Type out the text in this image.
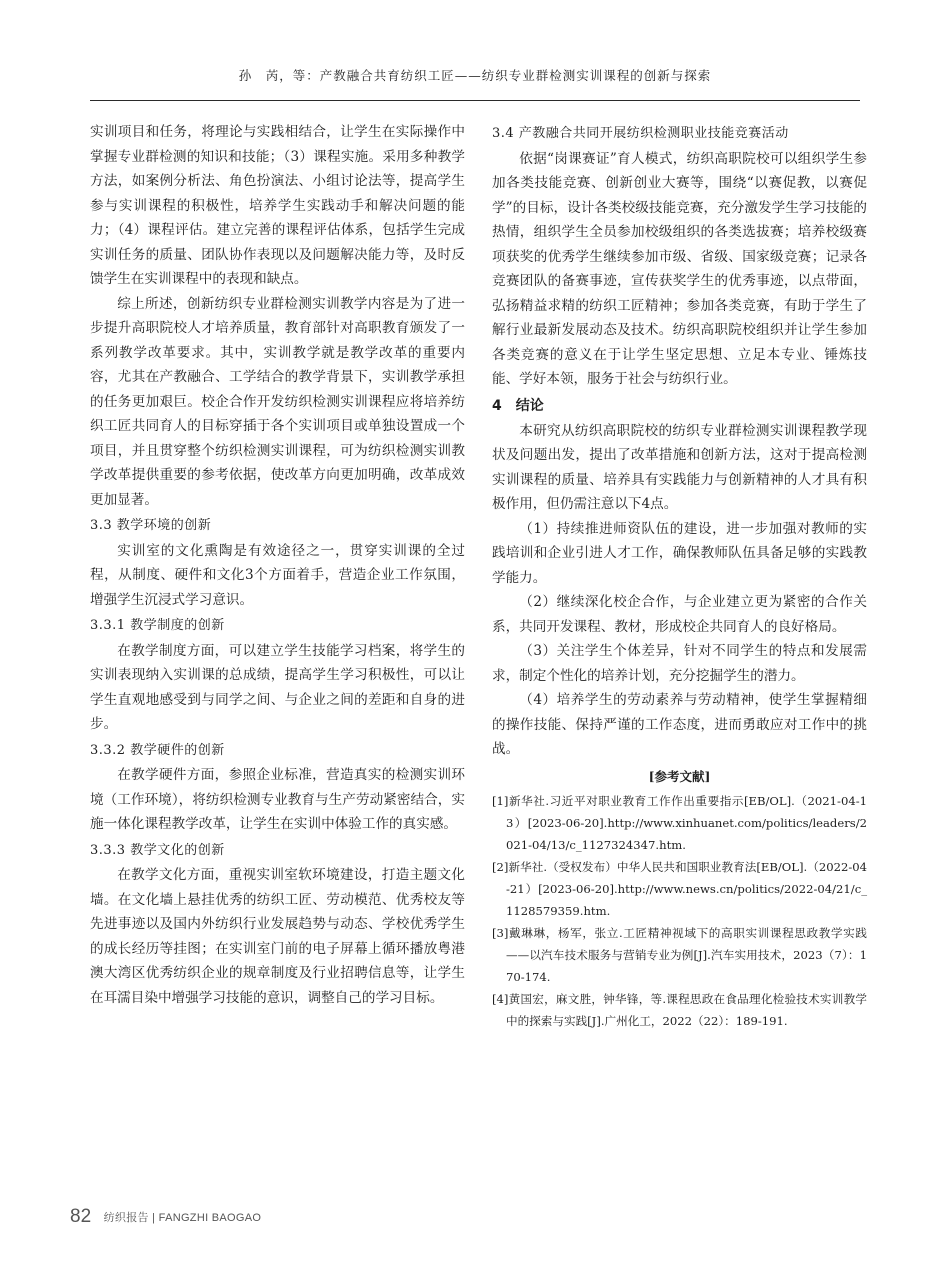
孙　芮，等：产教融合共育纺织工匠——纺织专业群检测实训课程的创新与探索

实训项目和任务，将理论与实践相结合，让学生在实际操作中掌握专业群检测的知识和技能；（3）课程实施。采用多种教学方法，如案例分析法、角色扮演法、小组讨论法等，提高学生参与实训课程的积极性，培养学生实践动手和解决问题的能力；（4）课程评估。建立完善的课程评估体系，包括学生完成实训任务的质量、团队协作表现以及问题解决能力等，及时反馈学生在实训课程中的表现和缺点。

综上所述，创新纺织专业群检测实训教学内容是为了进一步提升高职院校人才培养质量，教育部针对高职教育颁发了一系列教学改革要求。其中，实训教学就是教学改革的重要内容，尤其在产教融合、工学结合的教学背景下，实训教学承担的任务更加艰巨。校企合作开发纺织检测实训课程应将培养纺织工匠共同育人的目标穿插于各个实训项目或单独设置成一个项目，并且贯穿整个纺织检测实训课程，可为纺织检测实训教学改革提供重要的参考依据，使改革方向更加明确，改革成效更加显著。

3.3 教学环境的创新

实训室的文化熏陶是有效途径之一，贯穿实训课的全过程，从制度、硬件和文化3个方面着手，营造企业工作氛围，增强学生沉浸式学习意识。

3.3.1 教学制度的创新

在教学制度方面，可以建立学生技能学习档案，将学生的实训表现纳入实训课的总成绩，提高学生学习积极性，可以让学生直观地感受到与同学之间、与企业之间的差距和自身的进步。

3.3.2 教学硬件的创新

在教学硬件方面，参照企业标准，营造真实的检测实训环境（工作环境），将纺织检测专业教育与生产劳动紧密结合，实施一体化课程教学改革，让学生在实训中体验工作的真实感。

3.3.3 教学文化的创新

在教学文化方面，重视实训室软环境建设，打造主题文化墙。在文化墙上悬挂优秀的纺织工匠、劳动模范、优秀校友等先进事迹以及国内外纺织行业发展趋势与动态、学校优秀学生的成长经历等挂图；在实训室门前的电子屏幕上循环播放粤港澳大湾区优秀纺织企业的规章制度及行业招聘信息等，让学生在耳濡目染中增强学习技能的意识，调整自己的学习目标。

3.4 产教融合共同开展纺织检测职业技能竞赛活动

依据“岗课赛证”育人模式，纺织高职院校可以组织学生参加各类技能竞赛、创新创业大赛等，围绕“以赛促教，以赛促学”的目标，设计各类校级技能竞赛，充分激发学生学习技能的热情，组织学生全员参加校级组织的各类选拔赛；培养校级赛项获奖的优秀学生继续参加市级、省级、国家级竞赛；记录各竞赛团队的备赛事迹，宣传获奖学生的优秀事迹，以点带面，弘扬精益求精的纺织工匠精神；参加各类竞赛，有助于学生了解行业最新发展动态及技术。纺织高职院校组织并让学生参加各类竞赛的意义在于让学生坚定思想、立足本专业、锤炼技能、学好本领，服务于社会与纺织行业。

4　结论

本研究从纺织高职院校的纺织专业群检测实训课程教学现状及问题出发，提出了改革措施和创新方法，这对于提高检测实训课程的质量、培养具有实践能力与创新精神的人才具有积极作用，但仍需注意以下4点。

（1）持续推进师资队伍的建设，进一步加强对教师的实践培训和企业引进人才工作，确保教师队伍具备足够的实践教学能力。

（2）继续深化校企合作，与企业建立更为紧密的合作关系，共同开发课程、教材，形成校企共同育人的良好格局。

（3）关注学生个体差异，针对不同学生的特点和发展需求，制定个性化的培养计划，充分挖掘学生的潜力。

（4）培养学生的劳动素养与劳动精神，使学生掌握精细的操作技能、保持严谨的工作态度，进而勇敢应对工作中的挑战。

[参考文献]

[1]新华社.习近平对职业教育工作作出重要指示[EB/OL].（2021-04-13）[2023-06-20].http://www.xinhuanet.com/politics/leaders/2021-04/13/c_1127324347.htm.

[2]新华社.（受权发布）中华人民共和国职业教育法[EB/OL].（2022-04-21）[2023-06-20].http://www.news.cn/politics/2022-04/21/c_1128579359.htm.

[3]戴琳琳，杨军，张立.工匠精神视域下的高职实训课程思政教学实践——以汽车技术服务与营销专业为例[J].汽车实用技术，2023（7）：170-174.

[4]黄国宏，麻文胜，钟华锋，等.课程思政在食品理化检验技术实训教学中的探索与实践[J].广州化工，2022（22）：189-191.

82 纺织报告 | FANGZHI BAOGAO
